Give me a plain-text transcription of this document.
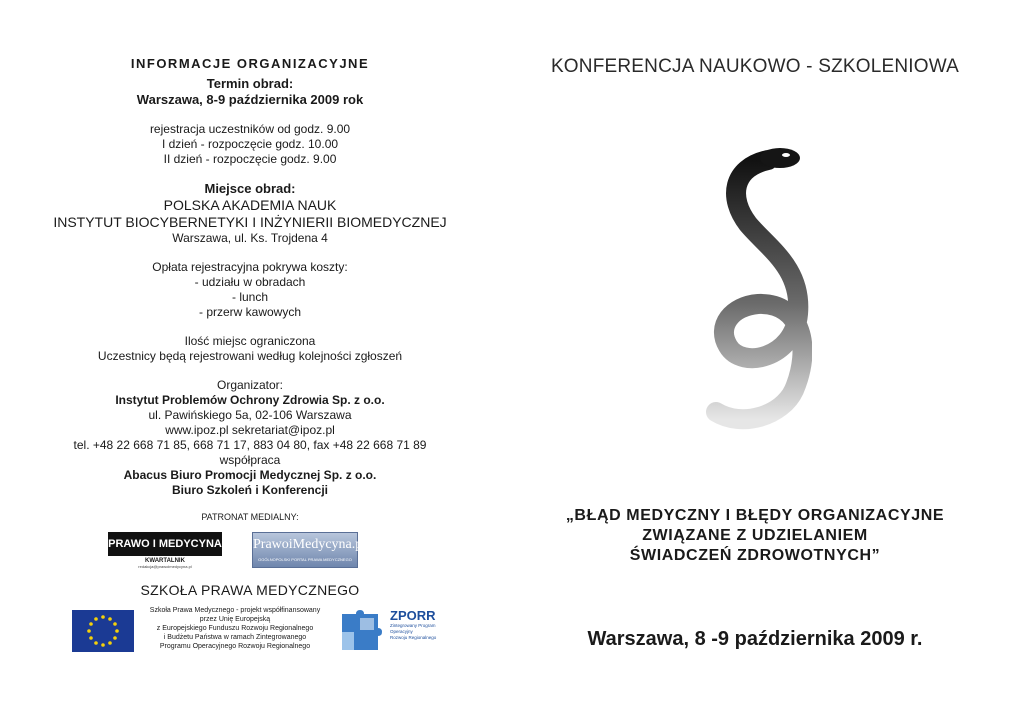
INFORMACJE ORGANIZACYJNE
Termin obrad:
Warszawa, 8-9 października 2009 rok
rejestracja uczestników od godz. 9.00
I dzień - rozpoczęcie godz. 10.00
II dzień - rozpoczęcie godz. 9.00
Miejsce obrad:
POLSKA AKADEMIA NAUK
INSTYTUT BIOCYBERNETYKI I INŻYNIERII BIOMEDYCZNEJ
Warszawa, ul. Ks. Trojdena 4
Opłata rejestracyjna pokrywa koszty:
- udziału w obradach
- lunch
- przerw kawowych
Ilość miejsc ograniczona
Uczestnicy będą rejestrowani według kolejności zgłoszeń
Organizator:
Instytut Problemów Ochrony Zdrowia Sp. z o.o.
ul. Pawińskiego 5a, 02-106 Warszawa
www.ipoz.pl sekretariat@ipoz.pl
tel. +48 22 668 71 85, 668 71 17, 883 04 80, fax +48 22 668 71 89
współpraca
Abacus Biuro Promocji Medycznej Sp. z o.o.
Biuro Szkoleń i Konferencji
PATRONAT MEDIALNY:
PRAWO I MEDYCYNA
KWARTALNIK
redakcja@prawoimedycyna.pl
PrawoiMedycyna.pl
OGÓLNOPOLSKI PORTAL PRAWA MEDYCZNEGO
SZKOŁA PRAWA MEDYCZNEGO
Szkoła Prawa Medycznego - projekt współfinansowany
przez Unię Europejską
z Europejskiego Funduszu Rozwoju Regionalnego
i Budżetu Państwa w ramach Zintegrowanego
Programu Operacyjnego Rozwoju Regionalnego
ZPORR
Zintegrowany Program
Operacyjny
Rozwoju Regionalnego
KONFERENCJA NAUKOWO - SZKOLENIOWA
„BŁĄD MEDYCZNY I BŁĘDY ORGANIZACYJNE
ZWIĄZANE Z UDZIELANIEM
ŚWIADCZEŃ ZDROWOTNYCH”
Warszawa, 8 -9 października 2009 r.
